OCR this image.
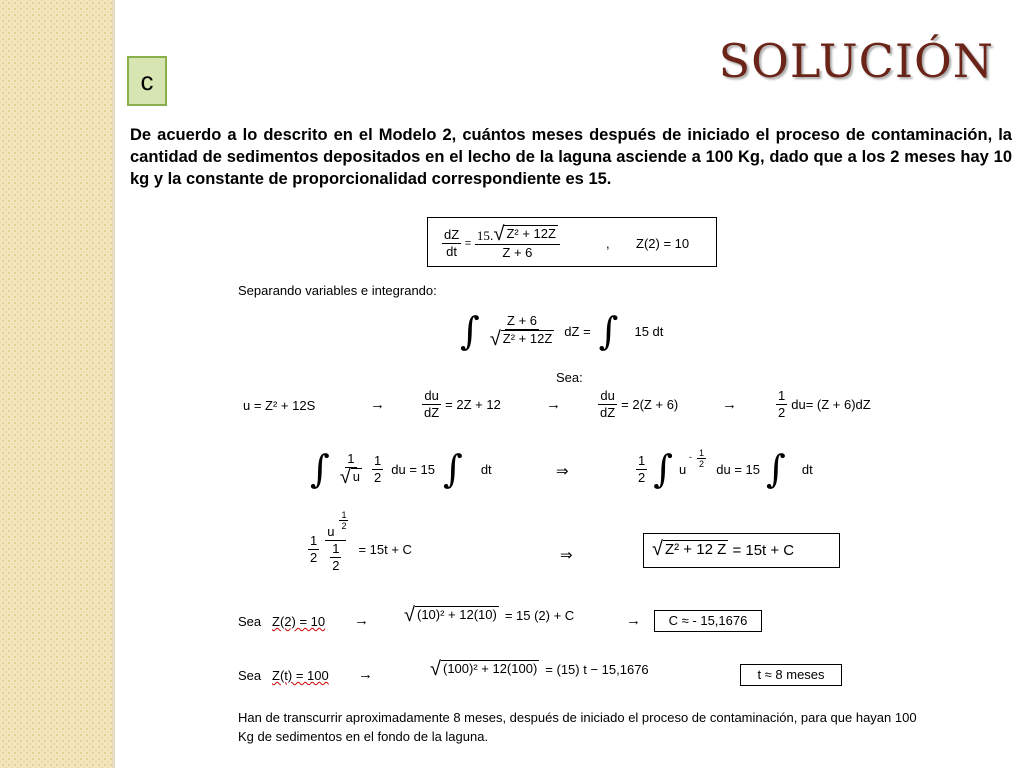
SOLUCIÓN
c
De acuerdo a lo descrito en el Modelo 2, cuántos meses después de iniciado el proceso de contaminación, la cantidad de sedimentos depositados en el lecho de la laguna asciende a 100 Kg, dado que a los 2 meses hay 10 kg y la constante de proporcionalidad correspondiente es 15.
$\frac{dZ}{dt} = \frac{\text{15. √ Z² + 12Z}}{Z + 6}$	, Z(2) = 10
Separando variables e integrando:
∫ $\frac{Z + 6}{\text{√ Z² + 12Z}}$ dZ = ∫ 15 dt
Sea:
u = Z² + 12S	→	$\frac{du}{dZ} = 2Z + 12$	→	$\frac{du}{dZ} = 2(Z + 6)$	→	$\frac{1}{2} du= (Z + 6)dZ$
∫ $\frac{1}{√ u} \frac{1}{2}$ du = 15 ∫ dt	⇒	$\frac{1}{2}$ ∫ u
- $\frac{1}{2}$
du = 15 ∫ dt
$\frac{1}{2}$ u
$\frac{1}{2}$
$\frac{1}{2} = 15t + C$	⇒	√ Z² + 12 Z = 15t + C
Sea Z(2) = 10 → √ (10)² + 12(10) = 15 (2) + C	→	C ≈ - 15,1676
Sea Z(t) = 100 →	√ (100)² + 12(100) = (15) t − 15,1676	t ≈ 8 meses
Han de transcurrir aproximadamente 8 meses, después de iniciado el proceso de contaminación, para que hayan 100 Kg de sedimentos en el fondo de la laguna.
